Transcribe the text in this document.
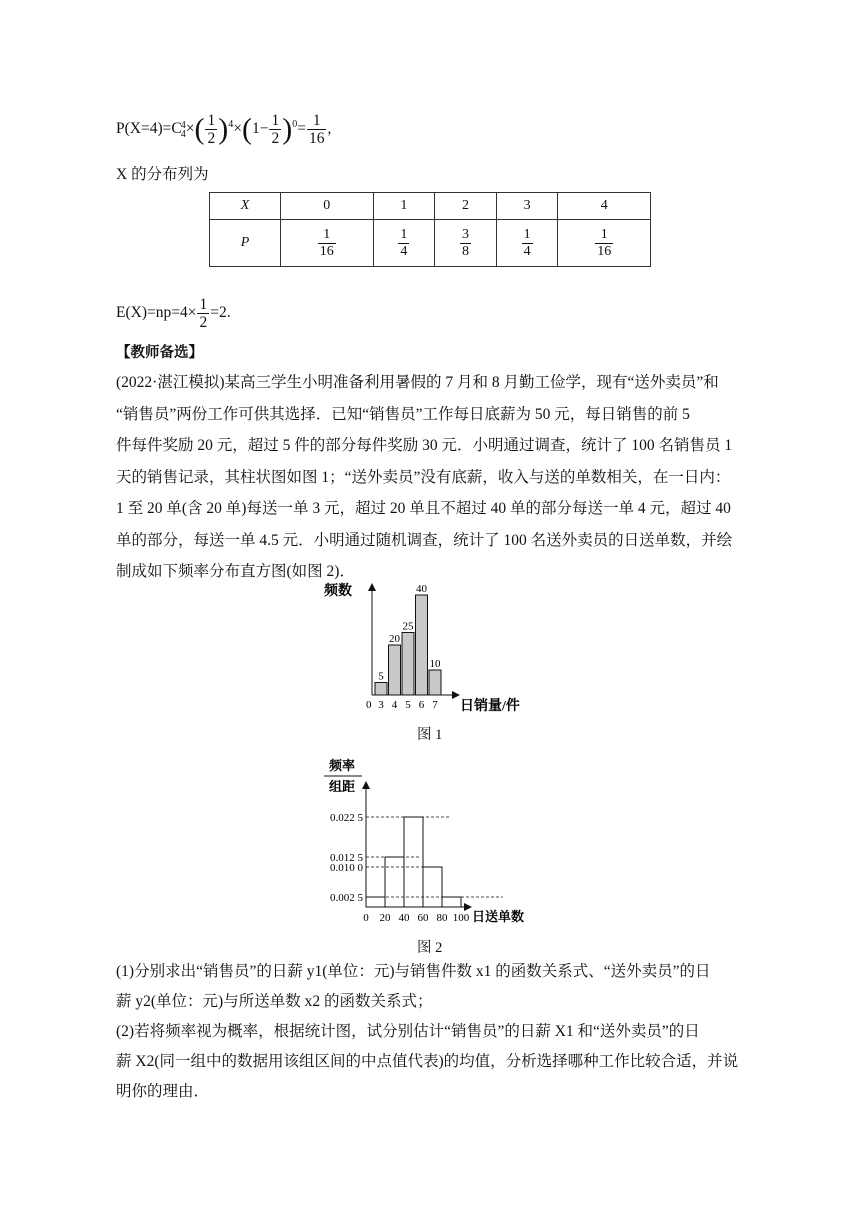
P(X=4)=C 4
4 ×( $\frac{1}{2} )^4\times(1- \frac{1}{2} )^0= \frac{1}{16}$ ,
X 的分布列为
X	0	1	2	3	4
P	$\frac{1}{16}$	$\frac{1}{4}$	$\frac{3}{8}$	$\frac{1}{4}$	$\frac{1}{16}$
$E(X)=np=4\times \frac{1}{2} =2$.
【教师备选】
(2022·湛江模拟)某高三学生小明准备利用暑假的 7 月和 8 月勤工俭学，现有“送外卖员”和
“销售员”两份工作可供其选择．已知“销售员”工作每日底薪为 50 元，每日销售的前 5
件每件奖励 20 元，超过 5 件的部分每件奖励 30 元．小明通过调查，统计了 100 名销售员 1
天的销售记录，其柱状图如图 1；“送外卖员”没有底薪，收入与送的单数相关，在一日内：
1 至 20 单(含 20 单)每送一单 3 元，超过 20 单且不超过 40 单的部分每送一单 4 元，超过 40
单的部分，每送一单 4.5 元．小明通过随机调查，统计了 100 名送外卖员的日送单数，并绘
制成如下频率分布直方图(如图 2)．
频数
日销量/件
0
5
3
20
4
25
5
40
6
10
7
图 1
频率
组距
日送单数
0.022 5
0.012 5
0.010 0
0.002 5
0 20 40 60 80 100
图 2
(1)分别求出“销售员”的日薪 y1(单位：元)与销售件数 x1 的函数关系式、“送外卖员”的日
薪 y2(单位：元)与所送单数 x2 的函数关系式；
(2)若将频率视为概率，根据统计图，试分别估计“销售员”的日薪 X1 和“送外卖员”的日
薪 X2(同一组中的数据用该组区间的中点值代表)的均值，分析选择哪种工作比较合适，并说
明你的理由．
